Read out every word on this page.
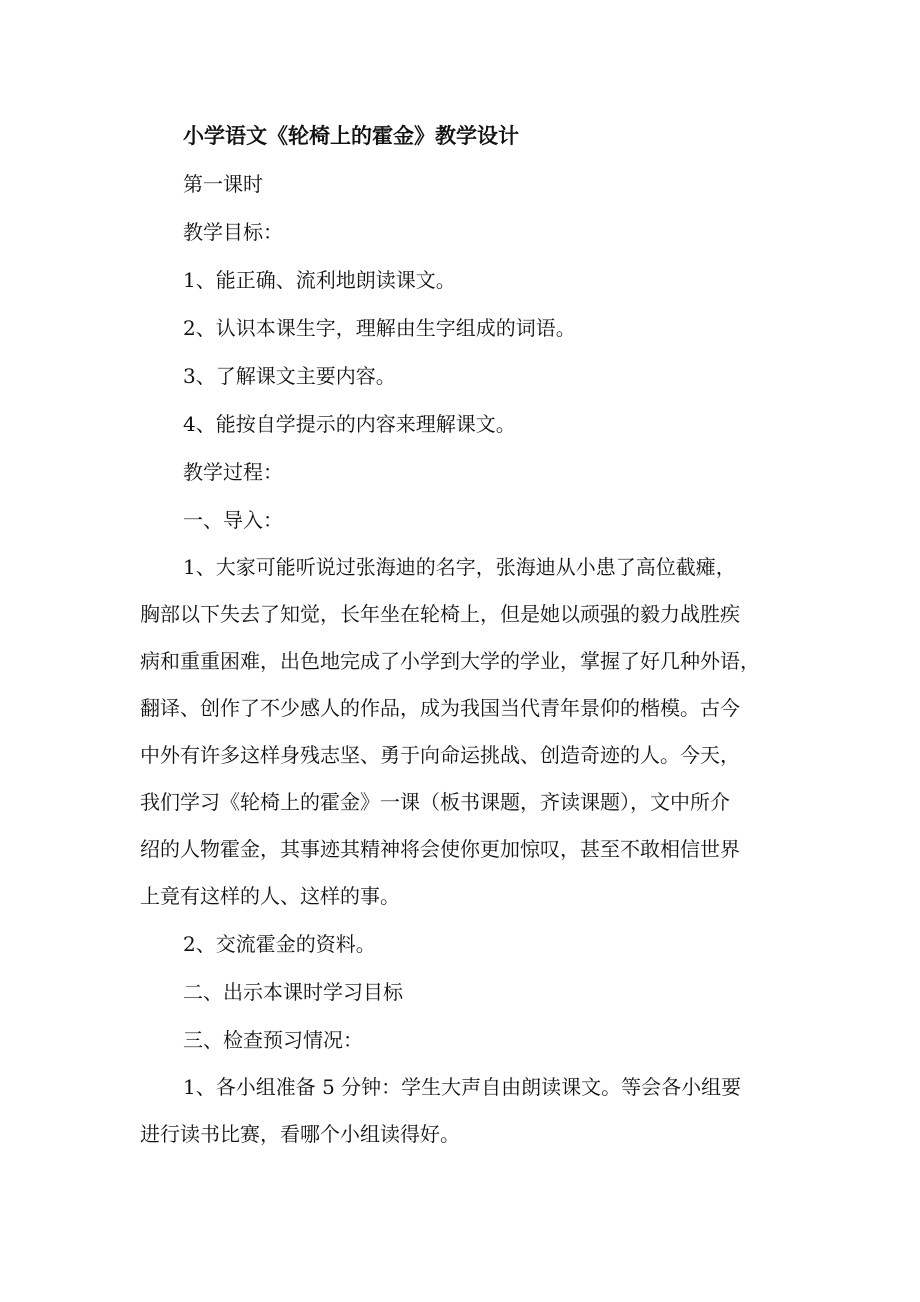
小学语文《轮椅上的霍金》教学设计

第一课时

教学目标：

1、能正确、流利地朗读课文。

2、认识本课生字，理解由生字组成的词语。

3、了解课文主要内容。

4、能按自学提示的内容来理解课文。

教学过程：

一、导入：

1、大家可能听说过张海迪的名字，张海迪从小患了高位截瘫，
胸部以下失去了知觉，长年坐在轮椅上，但是她以顽强的毅力战胜疾
病和重重困难，出色地完成了小学到大学的学业，掌握了好几种外语，
翻译、创作了不少感人的作品，成为我国当代青年景仰的楷模。古今
中外有许多这样身残志坚、勇于向命运挑战、创造奇迹的人。今天，
我们学习《轮椅上的霍金》一课（板书课题，齐读课题），文中所介
绍的人物霍金，其事迹其精神将会使你更加惊叹，甚至不敢相信世界
上竟有这样的人、这样的事。

2、交流霍金的资料。

二、出示本课时学习目标

三、检查预习情况：

1、各小组准备 5 分钟：学生大声自由朗读课文。等会各小组要
进行读书比赛，看哪个小组读得好。
